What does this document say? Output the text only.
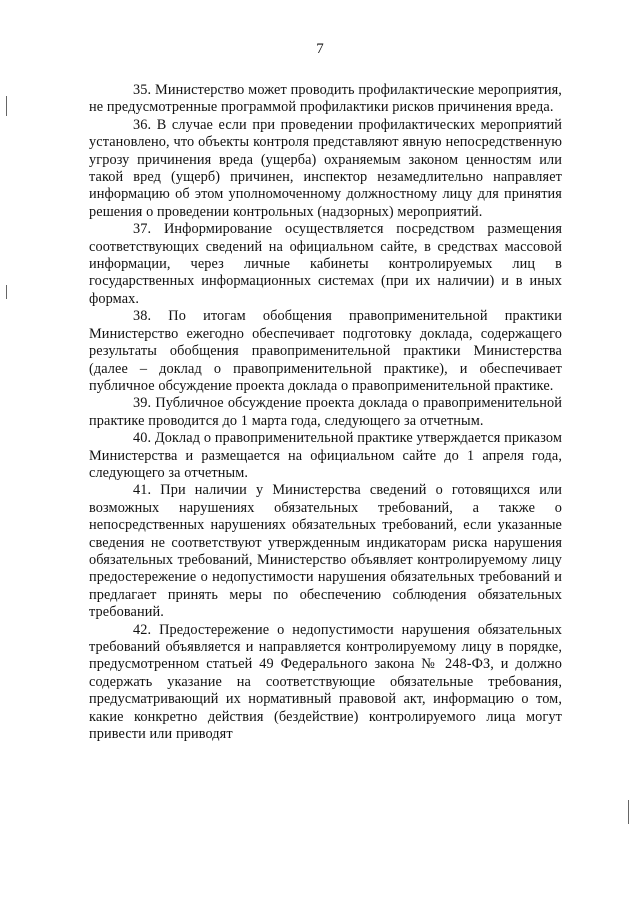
7

35. Министерство может проводить профилактические мероприятия, не предусмотренные программой профилактики рисков причинения вреда.

36. В случае если при проведении профилактических мероприятий установлено, что объекты контроля представляют явную непосредственную угрозу причинения вреда (ущерба) охраняемым законом ценностям или такой вред (ущерб) причинен, инспектор незамедлительно направляет информацию об этом уполномоченному должностному лицу для принятия решения о проведении контрольных (надзорных) мероприятий.

37. Информирование осуществляется посредством размещения соответствующих сведений на официальном сайте, в средствах массовой информации, через личные кабинеты контролируемых лиц в государственных информационных системах (при их наличии) и в иных формах.

38. По итогам обобщения правоприменительной практики Министерство ежегодно обеспечивает подготовку доклада, содержащего результаты обобщения правоприменительной практики Министерства (далее – доклад о правоприменительной практике), и обеспечивает публичное обсуждение проекта доклада о правоприменительной практике.

39. Публичное обсуждение проекта доклада о правоприменительной практике проводится до 1 марта года, следующего за отчетным.

40. Доклад о правоприменительной практике утверждается приказом Министерства и размещается на официальном сайте до 1 апреля года, следующего за отчетным.

41. При наличии у Министерства сведений о готовящихся или возможных нарушениях обязательных требований, а также о непосредственных нарушениях обязательных требований, если указанные сведения не соответствуют утвержденным индикаторам риска нарушения обязательных требований, Министерство объявляет контролируемому лицу предостережение о недопустимости нарушения обязательных требований и предлагает принять меры по обеспечению соблюдения обязательных требований.

42. Предостережение о недопустимости нарушения обязательных требований объявляется и направляется контролируемому лицу в порядке, предусмотренном статьей 49 Федерального закона № 248-ФЗ, и должно содержать указание на соответствующие обязательные требования, предусматривающий их нормативный правовой акт, информацию о том, какие конкретно действия (бездействие) контролируемого лица могут привести или приводят
